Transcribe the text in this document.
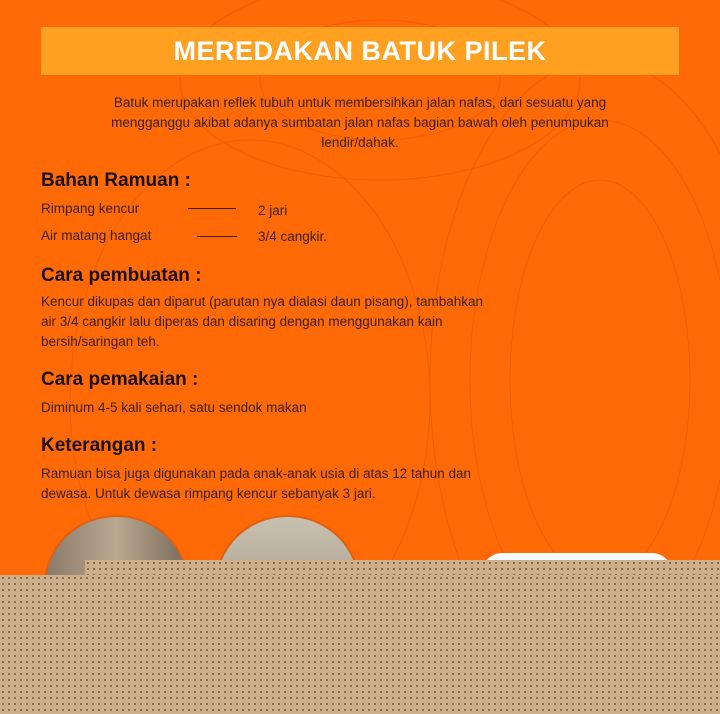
MEREDAKAN BATUK PILEK

Batuk merupakan reflek tubuh untuk membersihkan jalan nafas, dari sesuatu yang mengganggu akibat adanya sumbatan jalan nafas bagian bawah oleh penumpukan lendir/dahak.

Bahan Ramuan :
Rimpang kencur	2 jari
Air matang hangat	3/4 cangkir.
Cara pembuatan :

Kencur dikupas dan diparut (parutan nya dialasi daun pisang), tambahkan air 3/4 cangkir lalu diperas dan disaring dengan menggunakan kain bersih/saringan teh.

Cara pemakaian :

Diminum 4-5 kali sehari, satu sendok makan

Keterangan :

Ramuan bisa juga digunakan pada anak-anak usia di atas 12 tahun dan dewasa. Untuk dewasa rimpang kencur sebanyak 3 jari.
